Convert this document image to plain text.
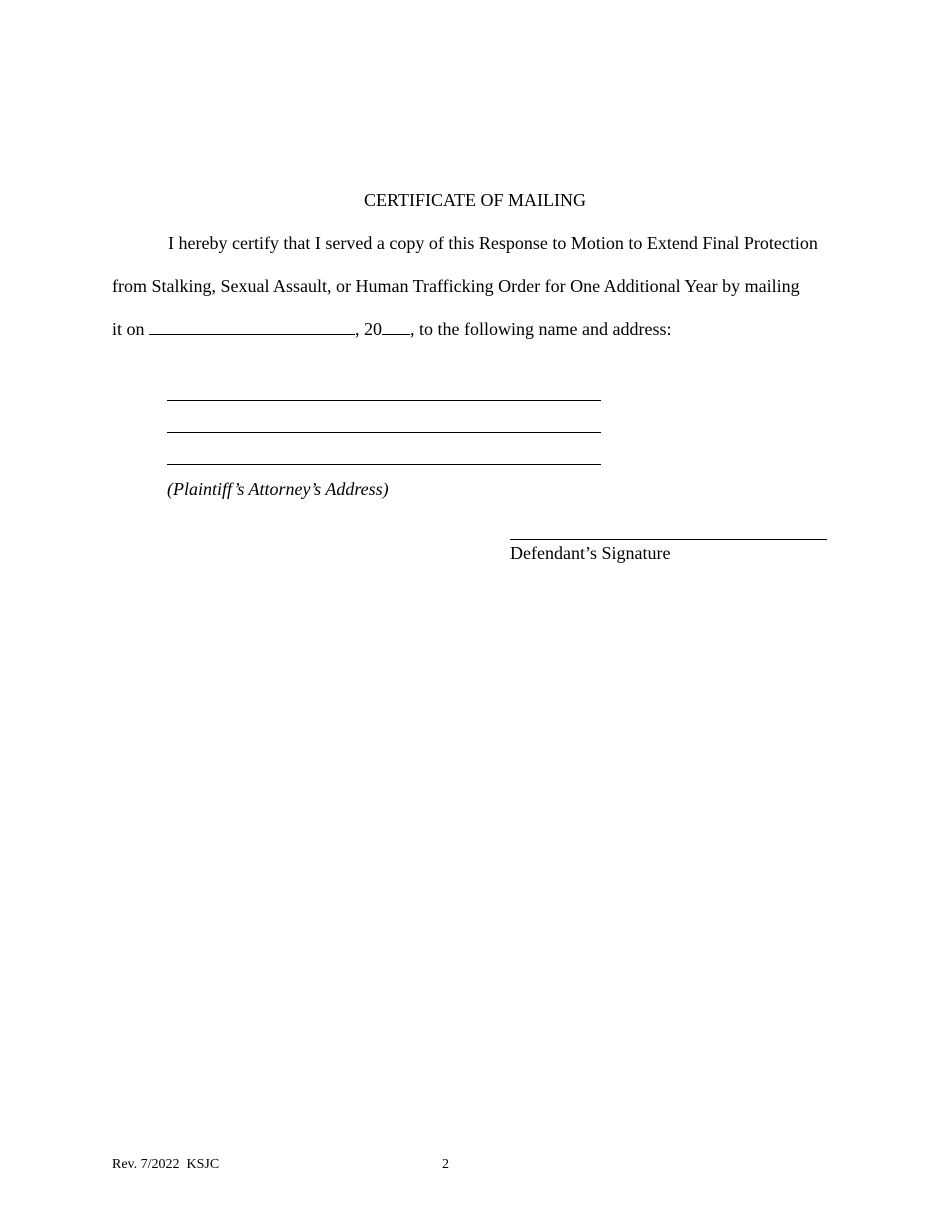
CERTIFICATE OF MAILING
I hereby certify that I served a copy of this Response to Motion to Extend Final Protection
from Stalking, Sexual Assault, or Human Trafficking Order for One Additional Year by mailing
it on	, 20 , to the following name and address:
(Plaintiff’s Attorney’s Address)
Defendant’s Signature
Rev. 7/2022  KSJC	2
